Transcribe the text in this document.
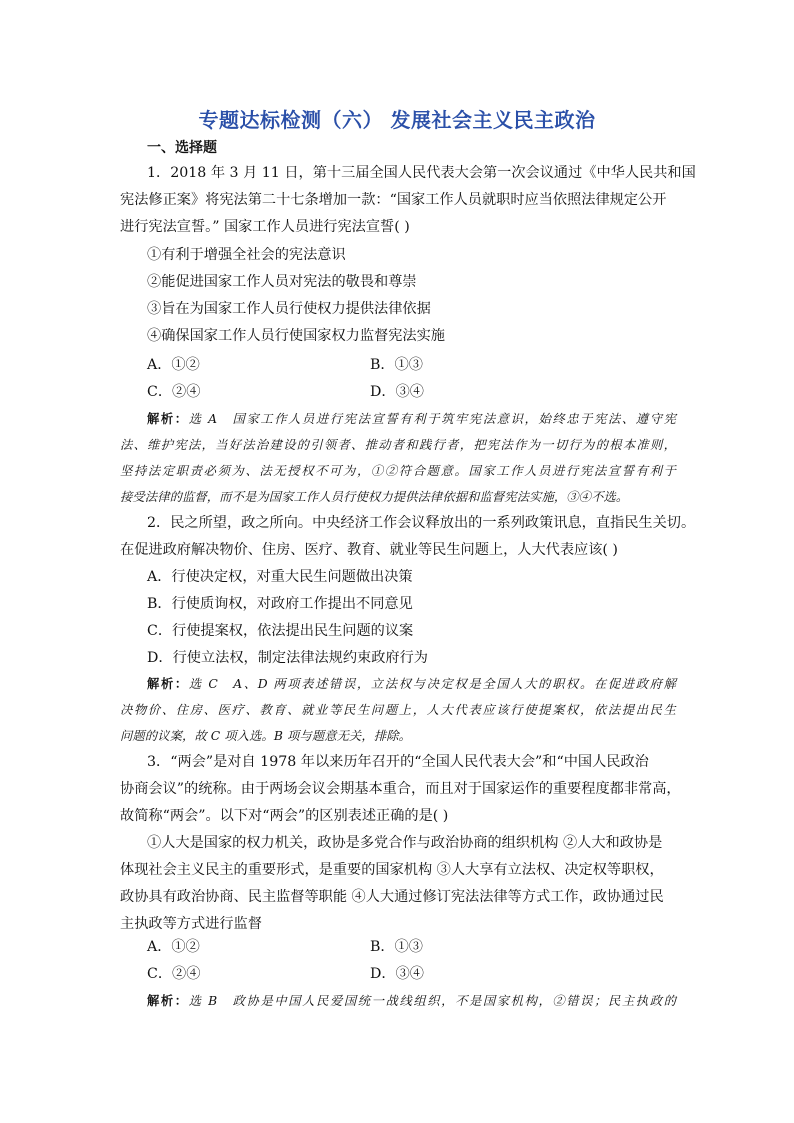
专题达标检测（六） 发展社会主义民主政治
一、选择题
1．2018 年 3 月 11 日，第十三届全国人民代表大会第一次会议通过《中华人民共和国
宪法修正案》将宪法第二十七条增加一款：“国家工作人员就职时应当依照法律规定公开
进行宪法宣誓。” 国家工作人员进行宪法宣誓( )
①有利于增强全社会的宪法意识
②能促进国家工作人员对宪法的敬畏和尊崇
③旨在为国家工作人员行使权力提供法律依据
④确保国家工作人员行使国家权力监督宪法实施
A．①②	B．①③
C．②④	D．③④
解析：选 A　国家工作人员进行宪法宣誓有利于筑牢宪法意识，始终忠于宪法、遵守宪
法、维护宪法，当好法治建设的引领者、推动者和践行者，把宪法作为一切行为的根本准则，
坚持法定职责必须为、法无授权不可为，①②符合题意。国家工作人员进行宪法宣誓有利于
接受法律的监督，而不是为国家工作人员行使权力提供法律依据和监督宪法实施，③④不选。
2．民之所望，政之所向。中央经济工作会议释放出的一系列政策讯息，直指民生关切。
在促进政府解决物价、住房、医疗、教育、就业等民生问题上，人大代表应该( )
A．行使决定权，对重大民生问题做出决策
B．行使质询权，对政府工作提出不同意见
C．行使提案权，依法提出民生问题的议案
D．行使立法权，制定法律法规约束政府行为
解析：选 C　A、D 两项表述错误，立法权与决定权是全国人大的职权。在促进政府解
决物价、住房、医疗、教育、就业等民生问题上，人大代表应该行使提案权，依法提出民生
问题的议案，故 C 项入选。B 项与题意无关，排除。
3．“两会”是对自 1978 年以来历年召开的“全国人民代表大会”和“中国人民政治
协商会议”的统称。由于两场会议会期基本重合，而且对于国家运作的重要程度都非常高，
故简称“两会”。以下对“两会”的区别表述正确的是( )
①人大是国家的权力机关，政协是多党合作与政治协商的组织机构 ②人大和政协是
体现社会主义民主的重要形式，是重要的国家机构 ③人大享有立法权、决定权等职权，
政协具有政治协商、民主监督等职能 ④人大通过修订宪法法律等方式工作，政协通过民
主执政等方式进行监督
A．①②	B．①③
C．②④	D．③④
解析：选 B　政协是中国人民爱国统一战线组织，不是国家机构，②错误；民主执政的
